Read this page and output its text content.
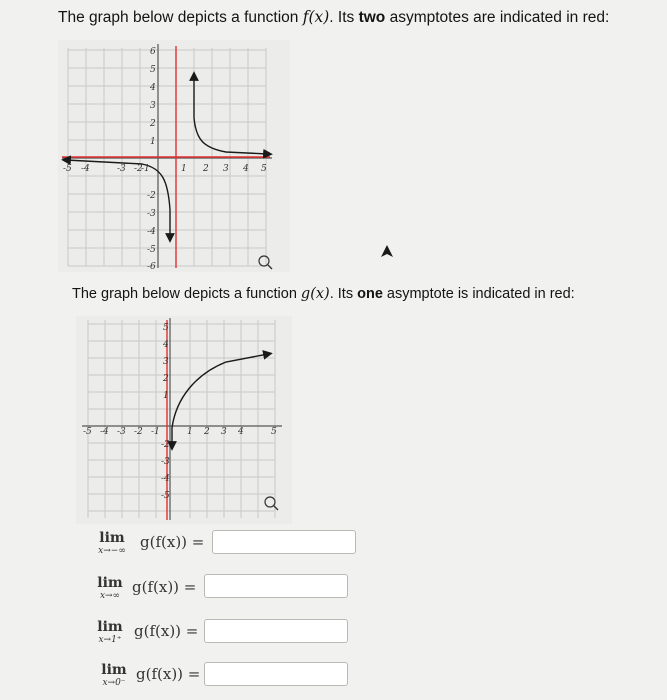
The graph below depicts a function f(x). Its two asymptotes are indicated in red:
6
5
4
3
2
1
-2
-3
-4
-5
-6
-5 -4	-3 -2
-1	1 2 3 4 5
The graph below depicts a function g(x). Its one asymptote is indicated in red:
5
4
3
2
1
-2
-3
-4
-5
-5 -4 -3 -2 -1	1 2 3 4	5
lim
x→−∞ g(f(x)) =
lim
x→∞ g(f(x)) =
lim
x→1⁺ g(f(x)) =
lim
x→0⁻ g(f(x)) =
